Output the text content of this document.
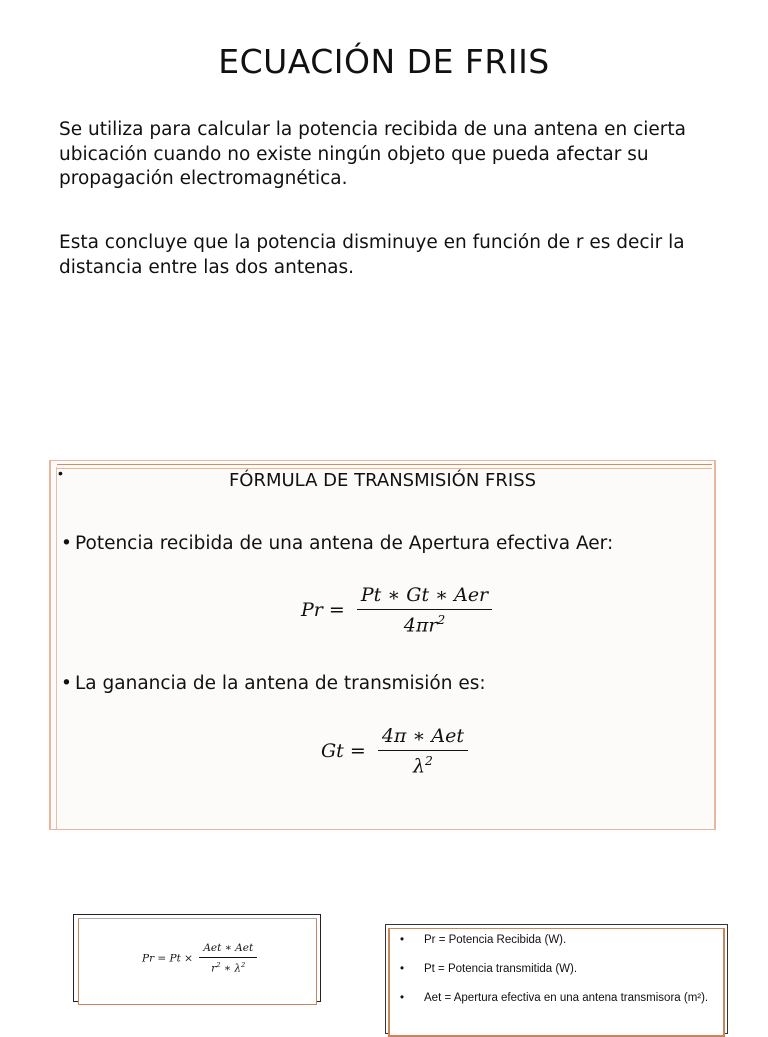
ECUACIÓN DE FRIIS
Se utiliza para calcular la potencia recibida de una antena en cierta ubicación cuando no existe ningún objeto que pueda afectar su propagación electromagnética.
Esta concluye que la potencia disminuye en función de r es decir la distancia entre las dos antenas.
•	FÓRMULA DE TRANSMISIÓN FRISS
• Potencia recibida de una antena de Apertura efectiva Aer:
$Pr = \frac{\text{Pt ∗ Gt ∗ Aer}}{4\pi r^2}$
• La ganancia de la antena de transmisión es:
$Gt = \frac{\text{4π ∗ Aet}}{\lambda^2}$
$Pr = Pt \times \frac{\text{Aet ∗ Aet}}{r^2 ∗ \lambda^2}$
• Pr = Potencia Recibida (W).
• Pt = Potencia transmitida (W).
• Aet = Apertura efectiva en una antena transmisora (m²).
